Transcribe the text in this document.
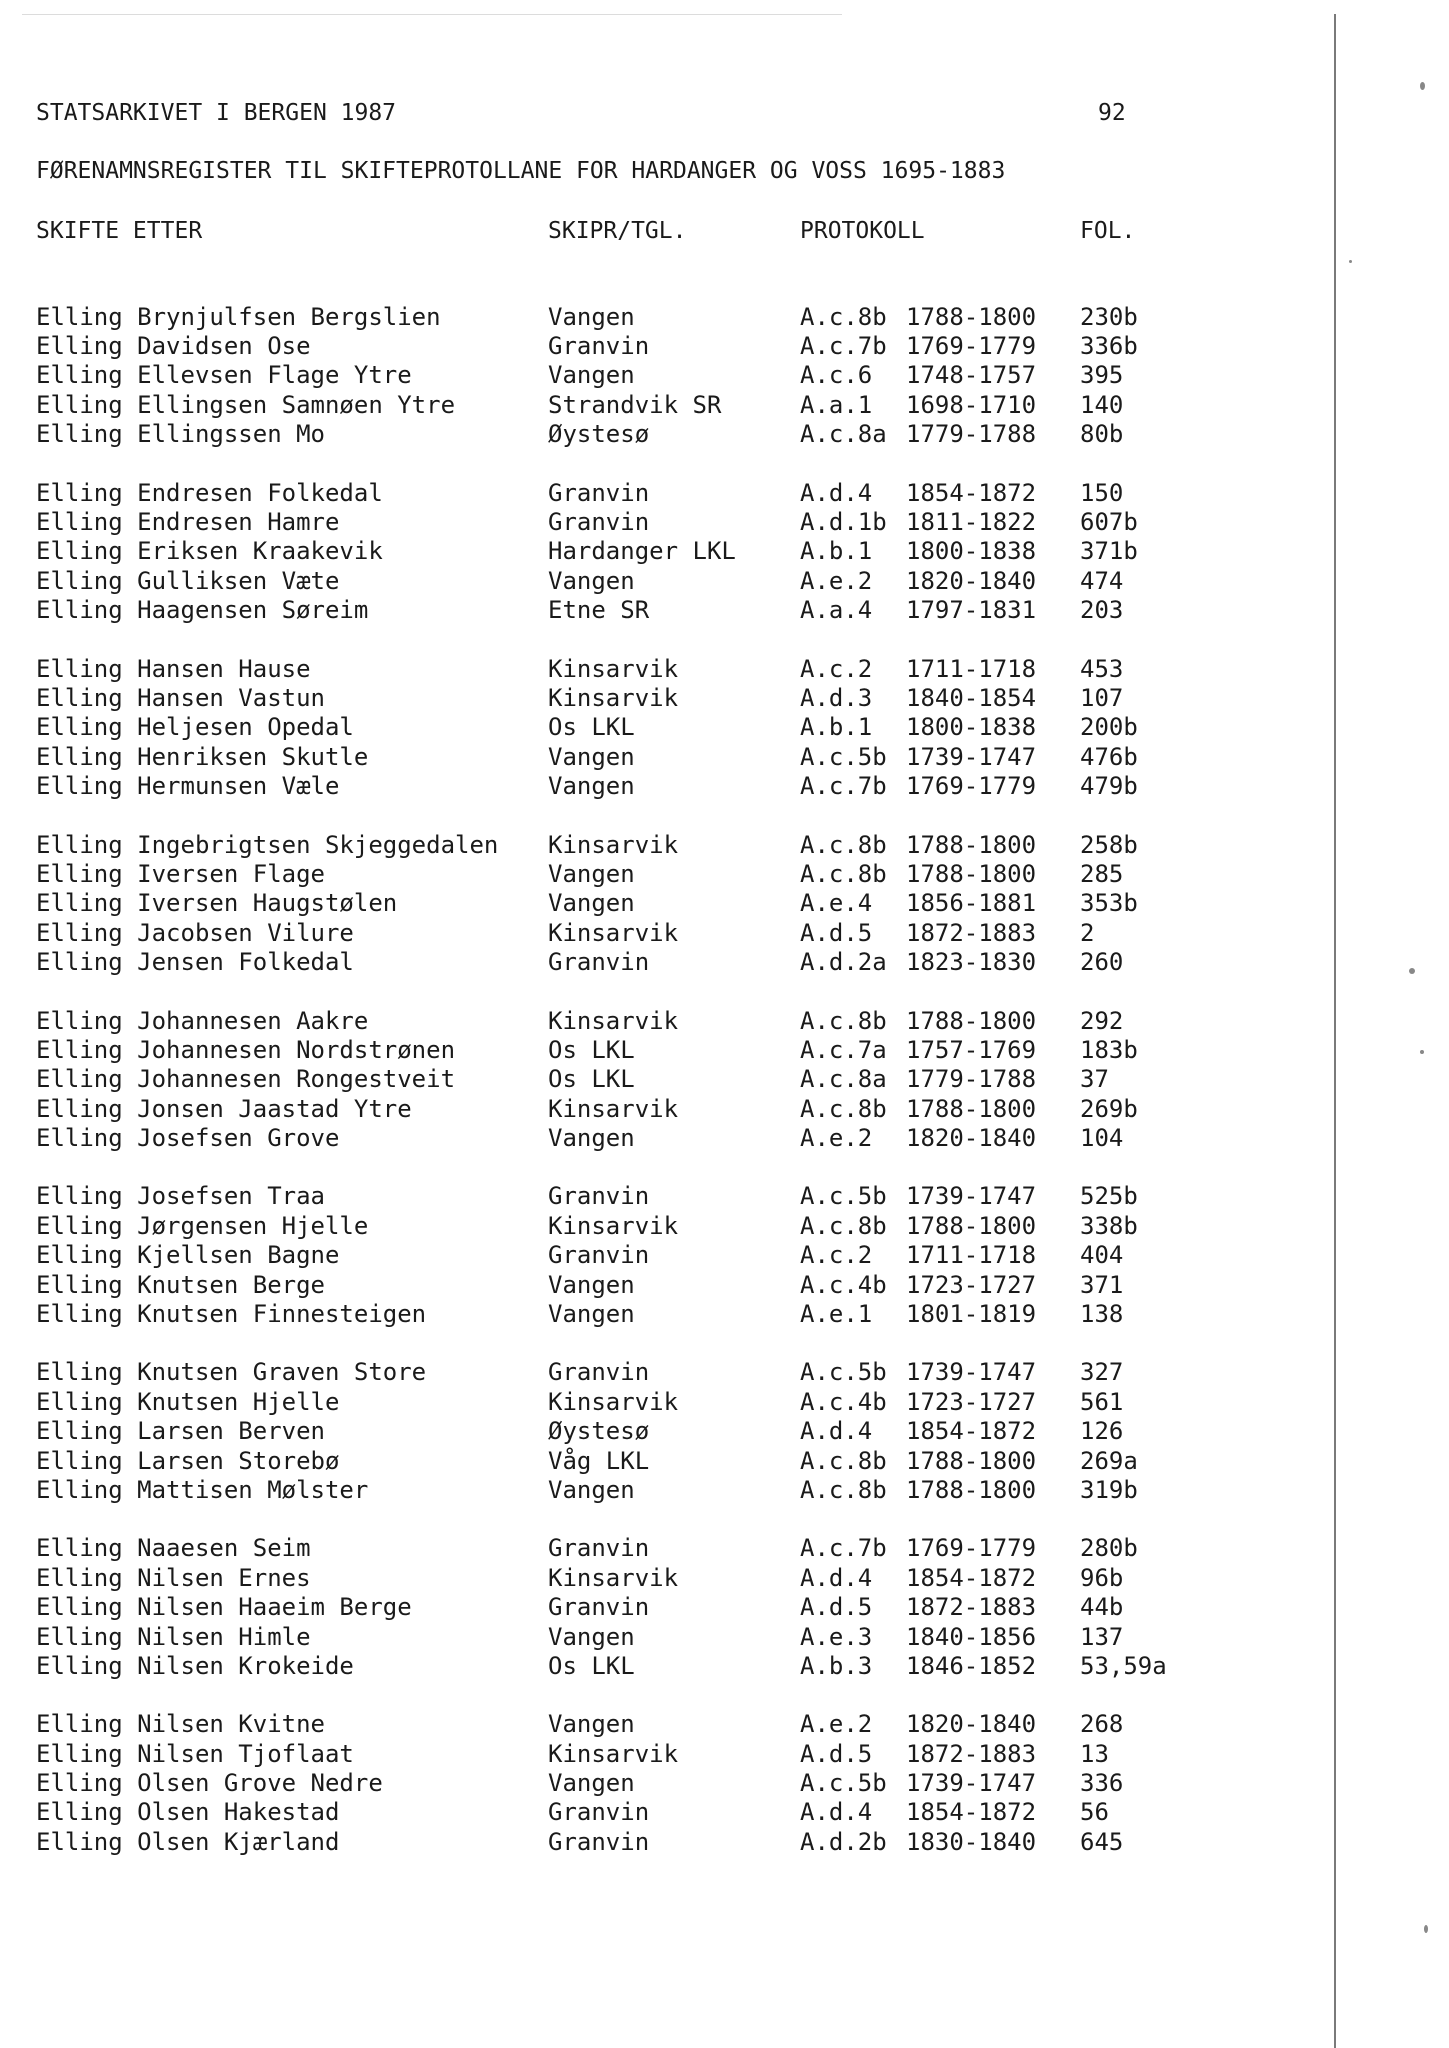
STATSARKIVET I BERGEN 1987	92
FØRENAMNSREGISTER TIL SKIFTEPROTOLLANE FOR HARDANGER OG VOSS 1695-1883
SKIFTE ETTER	SKIPR/TGL.	PROTOKOLL	FOL.
Elling Brynjulfsen Bergslien	Vangen	A.c.8b 1788-1800	230b
Elling Davidsen Ose	Granvin	A.c.7b 1769-1779	336b
Elling Ellevsen Flage Ytre	Vangen	A.c.6	1748-1757	395
Elling Ellingsen Samnøen Ytre	Strandvik SR	A.a.1	1698-1710	140
Elling Ellingssen Mo	Øystesø	A.c.8a 1779-1788	80b
Elling Endresen Folkedal	Granvin	A.d.4	1854-1872	150
Elling Endresen Hamre	Granvin	A.d.1b 1811-1822	607b
Elling Eriksen Kraakevik	Hardanger LKL	A.b.1	1800-1838	371b
Elling Gulliksen Væte	Vangen	A.e.2	1820-1840	474
Elling Haagensen Søreim	Etne SR	A.a.4	1797-1831	203
Elling Hansen Hause	Kinsarvik	A.c.2	1711-1718	453
Elling Hansen Vastun	Kinsarvik	A.d.3	1840-1854	107
Elling Heljesen Opedal	Os LKL	A.b.1	1800-1838	200b
Elling Henriksen Skutle	Vangen	A.c.5b 1739-1747	476b
Elling Hermunsen Væle	Vangen	A.c.7b 1769-1779	479b
Elling Ingebrigtsen Skjeggedalen	Kinsarvik	A.c.8b 1788-1800	258b
Elling Iversen Flage	Vangen	A.c.8b 1788-1800	285
Elling Iversen Haugstølen	Vangen	A.e.4	1856-1881	353b
Elling Jacobsen Vilure	Kinsarvik	A.d.5	1872-1883	2
Elling Jensen Folkedal	Granvin	A.d.2a 1823-1830	260
Elling Johannesen Aakre	Kinsarvik	A.c.8b 1788-1800	292
Elling Johannesen Nordstrønen	Os LKL	A.c.7a 1757-1769	183b
Elling Johannesen Rongestveit	Os LKL	A.c.8a 1779-1788	37
Elling Jonsen Jaastad Ytre	Kinsarvik	A.c.8b 1788-1800	269b
Elling Josefsen Grove	Vangen	A.e.2	1820-1840	104
Elling Josefsen Traa	Granvin	A.c.5b 1739-1747	525b
Elling Jørgensen Hjelle	Kinsarvik	A.c.8b 1788-1800	338b
Elling Kjellsen Bagne	Granvin	A.c.2	1711-1718	404
Elling Knutsen Berge	Vangen	A.c.4b 1723-1727	371
Elling Knutsen Finnesteigen	Vangen	A.e.1	1801-1819	138
Elling Knutsen Graven Store	Granvin	A.c.5b 1739-1747	327
Elling Knutsen Hjelle	Kinsarvik	A.c.4b 1723-1727	561
Elling Larsen Berven	Øystesø	A.d.4	1854-1872	126
Elling Larsen Storebø	Våg LKL	A.c.8b 1788-1800	269a
Elling Mattisen Mølster	Vangen	A.c.8b 1788-1800	319b
Elling Naaesen Seim	Granvin	A.c.7b 1769-1779	280b
Elling Nilsen Ernes	Kinsarvik	A.d.4	1854-1872	96b
Elling Nilsen Haaeim Berge	Granvin	A.d.5	1872-1883	44b
Elling Nilsen Himle	Vangen	A.e.3	1840-1856	137
Elling Nilsen Krokeide	Os LKL	A.b.3	1846-1852	53,59a
Elling Nilsen Kvitne	Vangen	A.e.2	1820-1840	268
Elling Nilsen Tjoflaat	Kinsarvik	A.d.5	1872-1883	13
Elling Olsen Grove Nedre	Vangen	A.c.5b 1739-1747	336
Elling Olsen Hakestad	Granvin	A.d.4	1854-1872	56
Elling Olsen Kjærland	Granvin	A.d.2b 1830-1840	645
